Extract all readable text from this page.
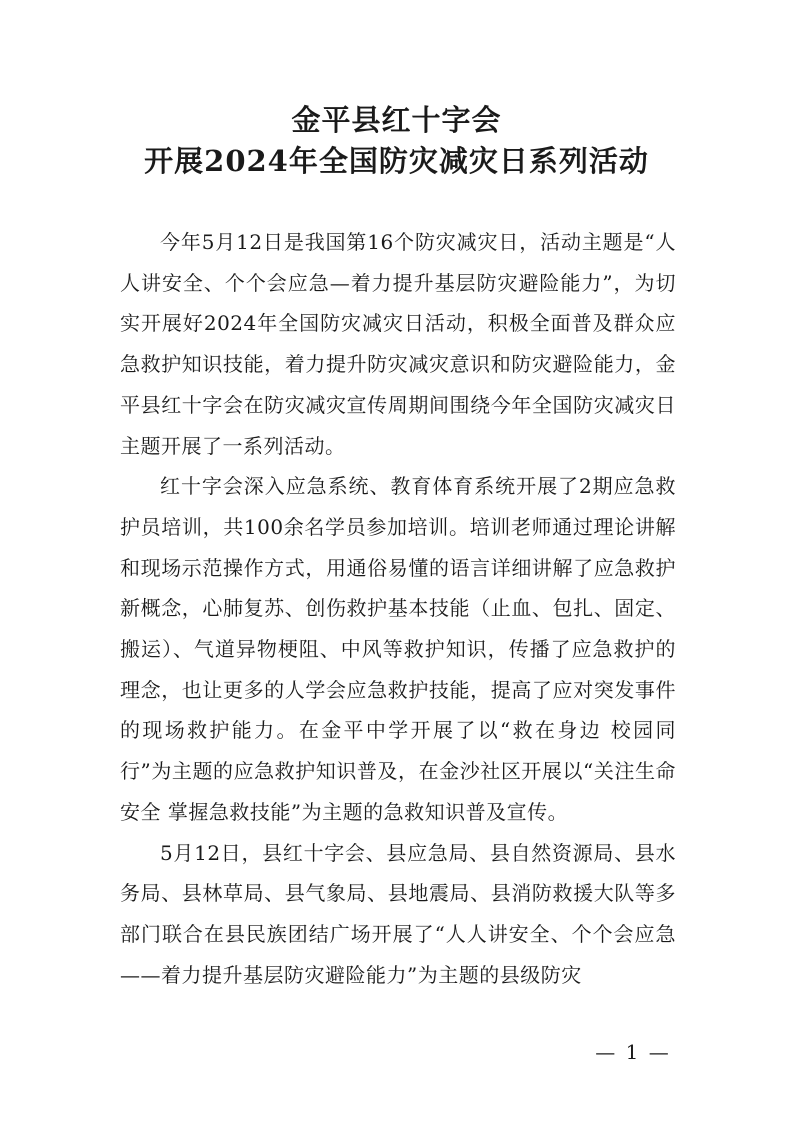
金平县红十字会
开展2024年全国防灾减灾日系列活动

今年5月12日是我国第16个防灾减灾日，活动主题是“人人讲安全、个个会应急—着力提升基层防灾避险能力”，为切实开展好2024年全国防灾减灾日活动，积极全面普及群众应急救护知识技能，着力提升防灾减灾意识和防灾避险能力，金平县红十字会在防灾减灾宣传周期间围绕今年全国防灾减灾日主题开展了一系列活动。

红十字会深入应急系统、教育体育系统开展了2期应急救护员培训，共100余名学员参加培训。培训老师通过理论讲解和现场示范操作方式，用通俗易懂的语言详细讲解了应急救护新概念，心肺复苏、创伤救护基本技能（止血、包扎、固定、搬运）、气道异物梗阻、中风等救护知识，传播了应急救护的理念，也让更多的人学会应急救护技能，提高了应对突发事件的现场救护能力。在金平中学开展了以“救在身边 校园同行”为主题的应急救护知识普及，在金沙社区开展以“关注生命安全 掌握急救技能”为主题的急救知识普及宣传。

5月12日，县红十字会、县应急局、县自然资源局、县水务局、县林草局、县气象局、县地震局、县消防救援大队等多部门联合在县民族团结广场开展了“人人讲安全、个个会应急——着力提升基层防灾避险能力”为主题的县级防灾

— 1 —
